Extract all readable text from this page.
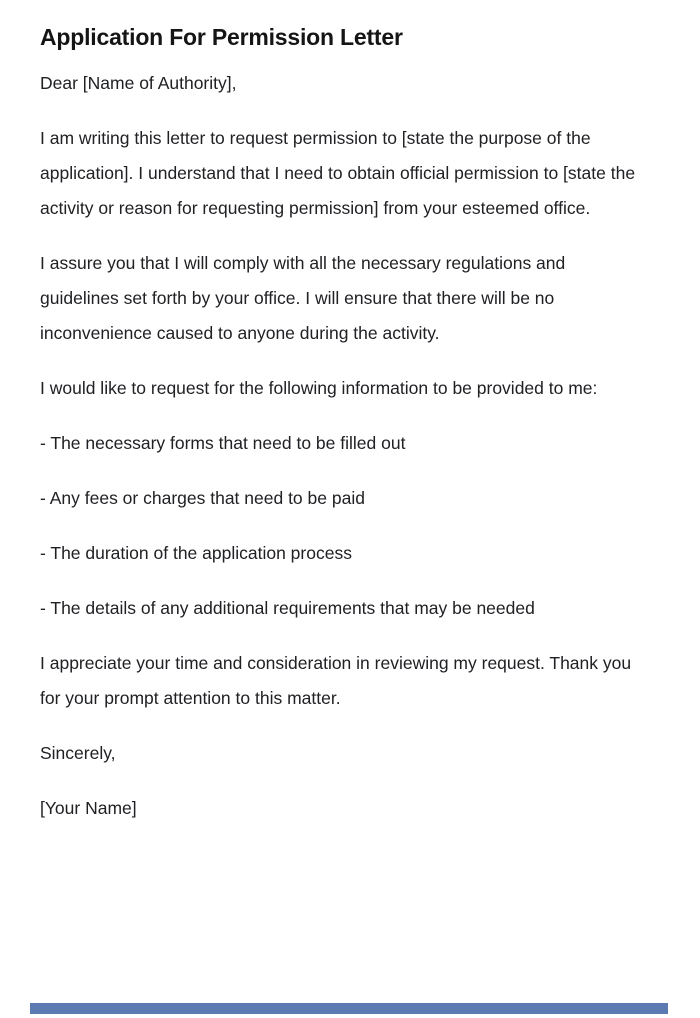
Application For Permission Letter

Dear [Name of Authority],

I am writing this letter to request permission to [state the purpose of the application]. I understand that I need to obtain official permission to [state the activity or reason for requesting permission] from your esteemed office.

I assure you that I will comply with all the necessary regulations and guidelines set forth by your office. I will ensure that there will be no inconvenience caused to anyone during the activity.

I would like to request for the following information to be provided to me:

- The necessary forms that need to be filled out

- Any fees or charges that need to be paid

- The duration of the application process

- The details of any additional requirements that may be needed

I appreciate your time and consideration in reviewing my request. Thank you for your prompt attention to this matter.

Sincerely,

[Your Name]
